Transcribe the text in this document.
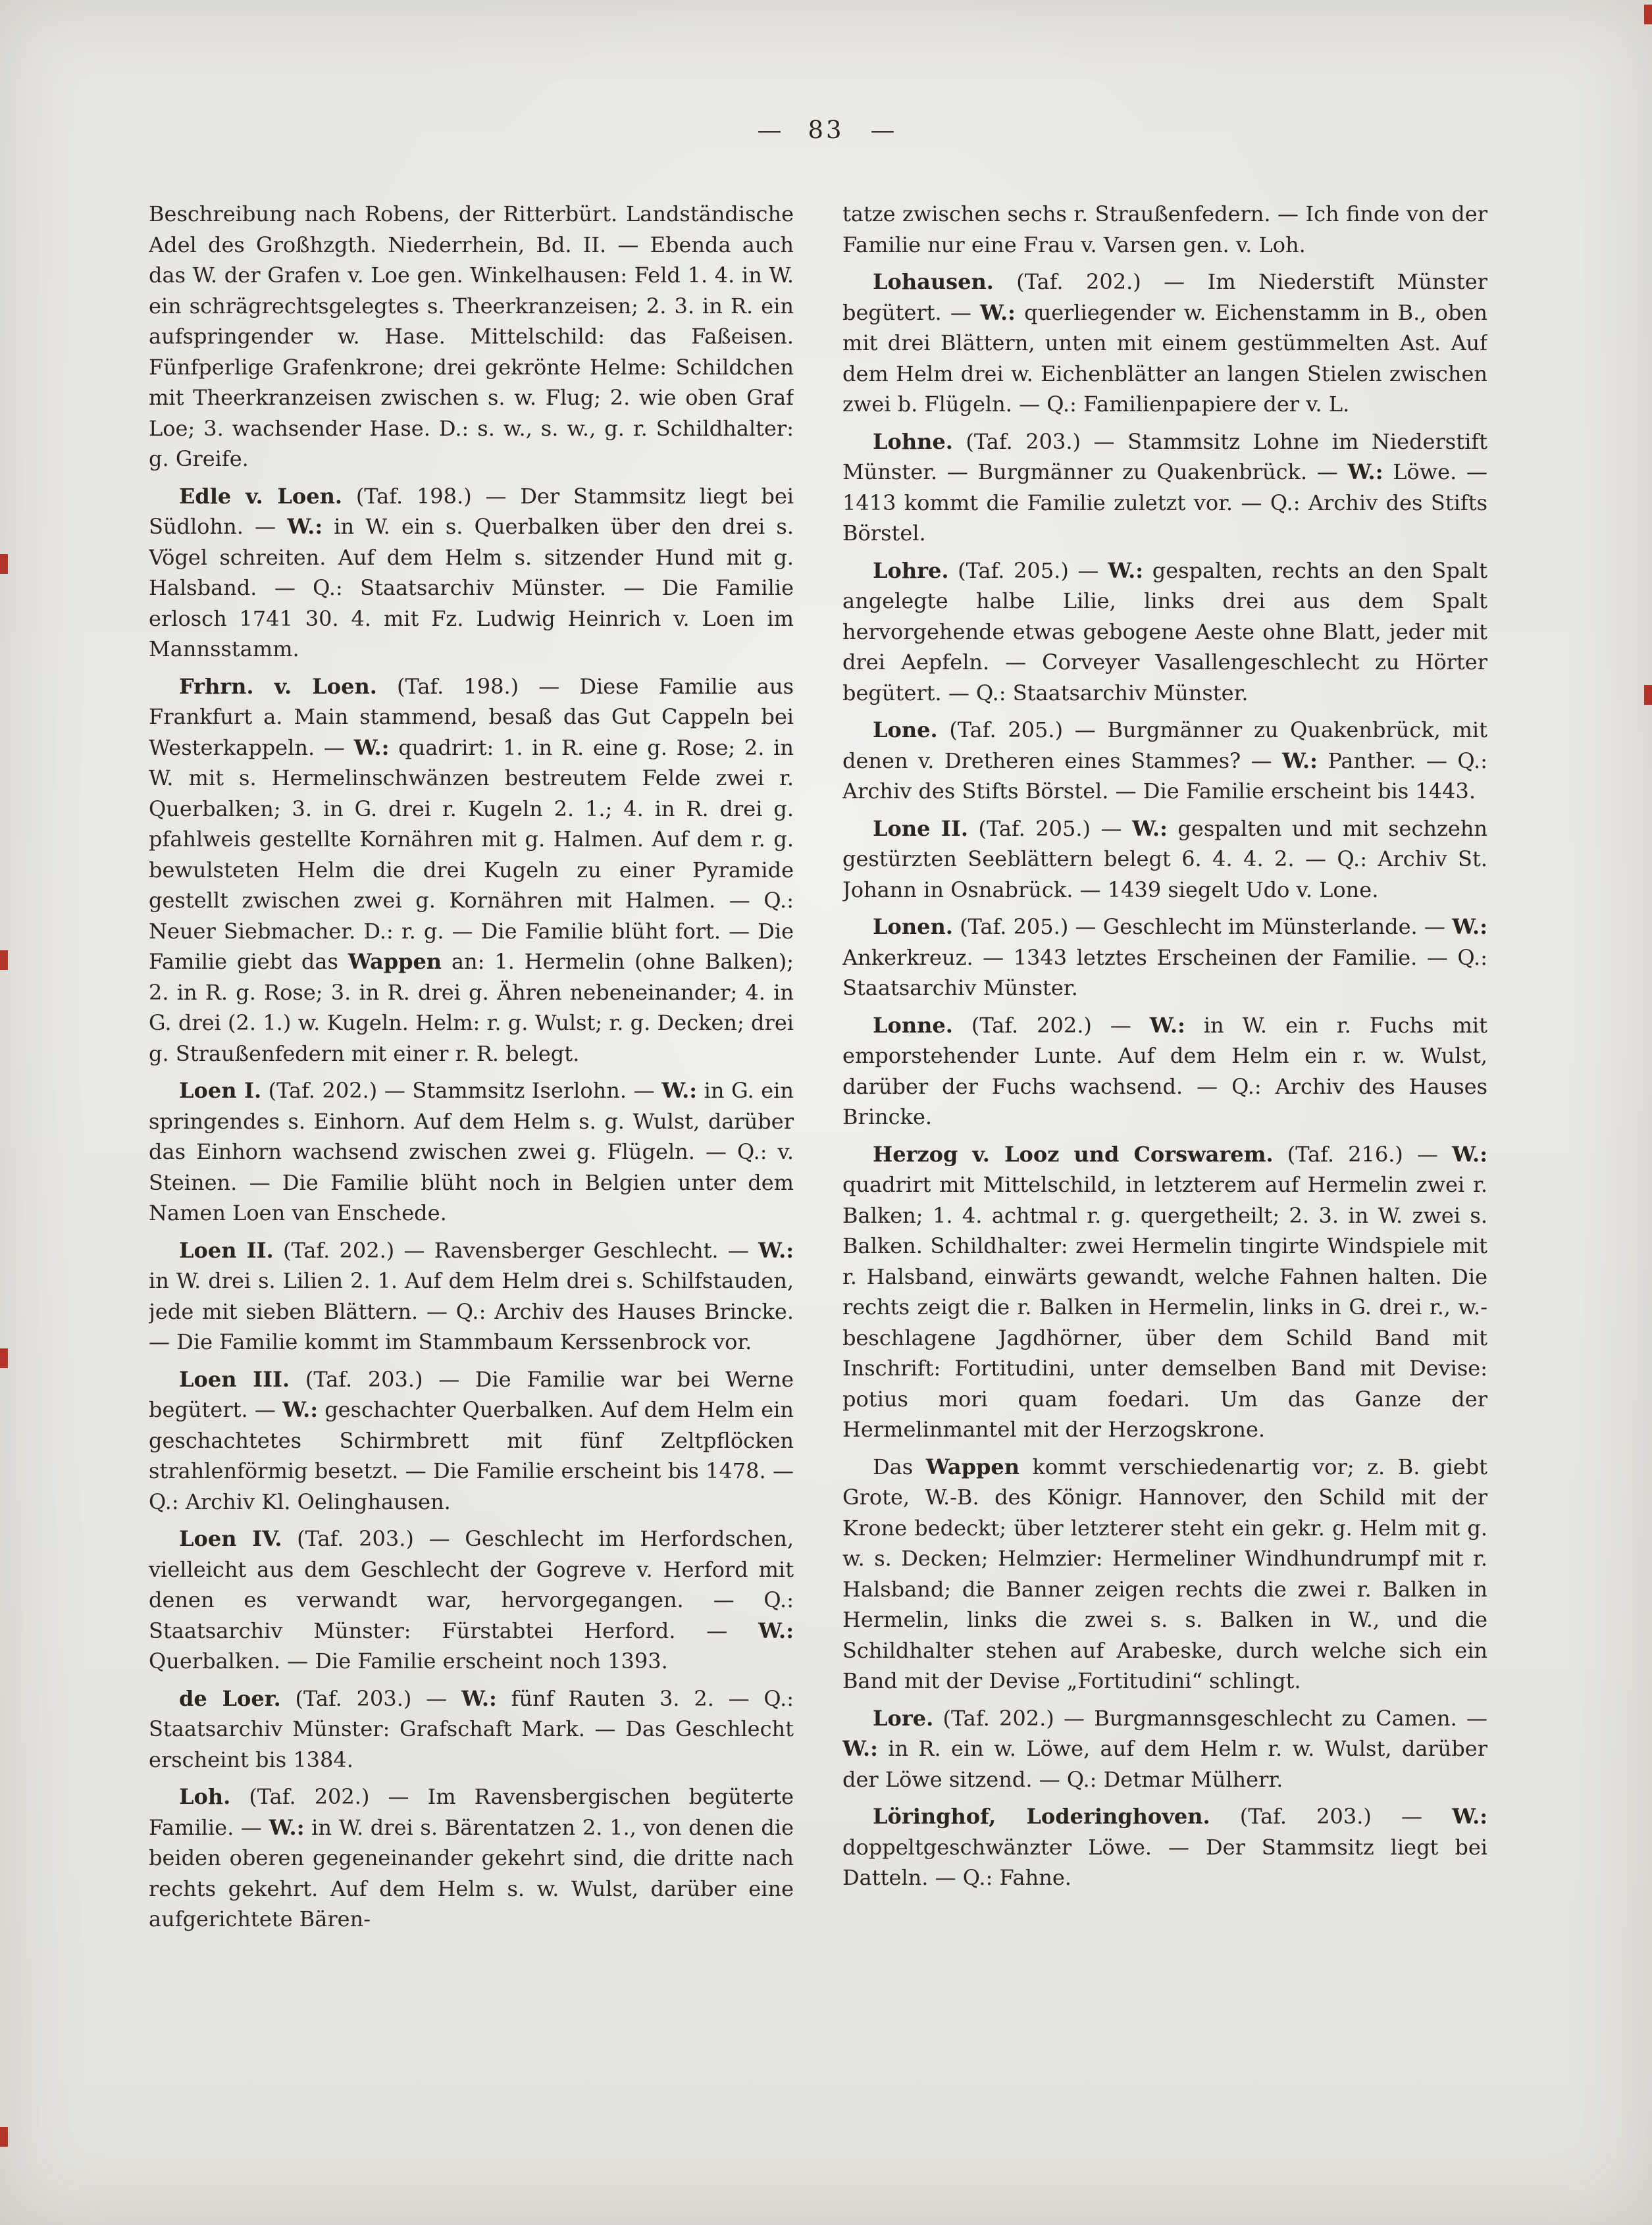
— 83 —

Beschreibung nach Robens, der Ritterbürt. Landständische Adel des Großhzgth. Niederrhein, Bd. II. — Ebenda auch das W. der Grafen v. Loe gen. Winkelhausen: Feld 1. 4. in W. ein schrägrechtsgelegtes s. Theerkranzeisen; 2. 3. in R. ein aufspringender w. Hase. Mittelschild: das Faßeisen. Fünfperlige Grafenkrone; drei gekrönte Helme: Schildchen mit Theerkranzeisen zwischen s. w. Flug; 2. wie oben Graf Loe; 3. wachsender Hase. D.: s. w., s. w., g. r. Schildhalter: g. Greife.

Edle v. Loen. (Taf. 198.) — Der Stammsitz liegt bei Südlohn. — W.: in W. ein s. Querbalken über den drei s. Vögel schreiten. Auf dem Helm s. sitzender Hund mit g. Halsband. — Q.: Staatsarchiv Münster. — Die Familie erlosch 1741 30. 4. mit Fz. Ludwig Heinrich v. Loen im Mannsstamm.

Frhrn. v. Loen. (Taf. 198.) — Diese Familie aus Frankfurt a. Main stammend, besaß das Gut Cappeln bei Westerkappeln. — W.: quadrirt: 1. in R. eine g. Rose; 2. in W. mit s. Hermelinschwänzen bestreutem Felde zwei r. Querbalken; 3. in G. drei r. Kugeln 2. 1.; 4. in R. drei g. pfahlweis gestellte Kornähren mit g. Halmen. Auf dem r. g. bewulsteten Helm die drei Kugeln zu einer Pyramide gestellt zwischen zwei g. Kornähren mit Halmen. — Q.: Neuer Siebmacher. D.: r. g. — Die Familie blüht fort. — Die Familie giebt das Wappen an: 1. Hermelin (ohne Balken); 2. in R. g. Rose; 3. in R. drei g. Ähren nebeneinander; 4. in G. drei (2. 1.) w. Kugeln. Helm: r. g. Wulst; r. g. Decken; drei g. Straußenfedern mit einer r. R. belegt.

Loen I. (Taf. 202.) — Stammsitz Iserlohn. — W.: in G. ein springendes s. Einhorn. Auf dem Helm s. g. Wulst, darüber das Einhorn wachsend zwischen zwei g. Flügeln. — Q.: v. Steinen. — Die Familie blüht noch in Belgien unter dem Namen Loen van Enschede.

Loen II. (Taf. 202.) — Ravensberger Geschlecht. — W.: in W. drei s. Lilien 2. 1. Auf dem Helm drei s. Schilfstauden, jede mit sieben Blättern. — Q.: Archiv des Hauses Brincke. — Die Familie kommt im Stammbaum Kerssenbrock vor.

Loen III. (Taf. 203.) — Die Familie war bei Werne begütert. — W.: geschachter Querbalken. Auf dem Helm ein geschachtetes Schirmbrett mit fünf Zeltpflöcken strahlenförmig besetzt. — Die Familie erscheint bis 1478. — Q.: Archiv Kl. Oelinghausen.

Loen IV. (Taf. 203.) — Geschlecht im Herfordschen, vielleicht aus dem Geschlecht der Gogreve v. Herford mit denen es verwandt war, hervorgegangen. — Q.: Staatsarchiv Münster: Fürstabtei Herford. — W.: Querbalken. — Die Familie erscheint noch 1393.

de Loer. (Taf. 203.) — W.: fünf Rauten 3. 2. — Q.: Staatsarchiv Münster: Grafschaft Mark. — Das Geschlecht erscheint bis 1384.

Loh. (Taf. 202.) — Im Ravensbergischen begüterte Familie. — W.: in W. drei s. Bärentatzen 2. 1., von denen die beiden oberen gegeneinander gekehrt sind, die dritte nach rechts gekehrt. Auf dem Helm s. w. Wulst, darüber eine aufgerichtete Bären-

tatze zwischen sechs r. Straußenfedern. — Ich finde von der Familie nur eine Frau v. Varsen gen. v. Loh.

Lohausen. (Taf. 202.) — Im Niederstift Münster begütert. — W.: querliegender w. Eichenstamm in B., oben mit drei Blättern, unten mit einem gestümmelten Ast. Auf dem Helm drei w. Eichenblätter an langen Stielen zwischen zwei b. Flügeln. — Q.: Familienpapiere der v. L.

Lohne. (Taf. 203.) — Stammsitz Lohne im Niederstift Münster. — Burgmänner zu Quakenbrück. — W.: Löwe. — 1413 kommt die Familie zuletzt vor. — Q.: Archiv des Stifts Börstel.

Lohre. (Taf. 205.) — W.: gespalten, rechts an den Spalt angelegte halbe Lilie, links drei aus dem Spalt hervorgehende etwas gebogene Aeste ohne Blatt, jeder mit drei Aepfeln. — Corveyer Vasallengeschlecht zu Hörter begütert. — Q.: Staatsarchiv Münster.

Lone. (Taf. 205.) — Burgmänner zu Quakenbrück, mit denen v. Dretheren eines Stammes? — W.: Panther. — Q.: Archiv des Stifts Börstel. — Die Familie erscheint bis 1443.

Lone II. (Taf. 205.) — W.: gespalten und mit sechzehn gestürzten Seeblättern belegt 6. 4. 4. 2. — Q.: Archiv St. Johann in Osnabrück. — 1439 siegelt Udo v. Lone.

Lonen. (Taf. 205.) — Geschlecht im Münsterlande. — W.: Ankerkreuz. — 1343 letztes Erscheinen der Familie. — Q.: Staatsarchiv Münster.

Lonne. (Taf. 202.) — W.: in W. ein r. Fuchs mit emporstehender Lunte. Auf dem Helm ein r. w. Wulst, darüber der Fuchs wachsend. — Q.: Archiv des Hauses Brincke.

Herzog v. Looz und Corswarem. (Taf. 216.) — W.: quadrirt mit Mittelschild, in letzterem auf Hermelin zwei r. Balken; 1. 4. achtmal r. g. quergetheilt; 2. 3. in W. zwei s. Balken. Schildhalter: zwei Hermelin tingirte Windspiele mit r. Halsband, einwärts gewandt, welche Fahnen halten. Die rechts zeigt die r. Balken in Hermelin, links in G. drei r., w.-beschlagene Jagdhörner, über dem Schild Band mit Inschrift: Fortitudini, unter demselben Band mit Devise: potius mori quam foedari. Um das Ganze der Hermelinmantel mit der Herzogskrone.

Das Wappen kommt verschiedenartig vor; z. B. giebt Grote, W.-B. des Königr. Hannover, den Schild mit der Krone bedeckt; über letzterer steht ein gekr. g. Helm mit g. w. s. Decken; Helmzier: Hermeliner Windhundrumpf mit r. Halsband; die Banner zeigen rechts die zwei r. Balken in Hermelin, links die zwei s. s. Balken in W., und die Schildhalter stehen auf Arabeske, durch welche sich ein Band mit der Devise „Fortitudini“ schlingt.

Lore. (Taf. 202.) — Burgmannsgeschlecht zu Camen. — W.: in R. ein w. Löwe, auf dem Helm r. w. Wulst, darüber der Löwe sitzend. — Q.: Detmar Mülherr.

Löringhof, Loderinghoven. (Taf. 203.) — W.: doppeltgeschwänzter Löwe. — Der Stammsitz liegt bei Datteln. — Q.: Fahne.
